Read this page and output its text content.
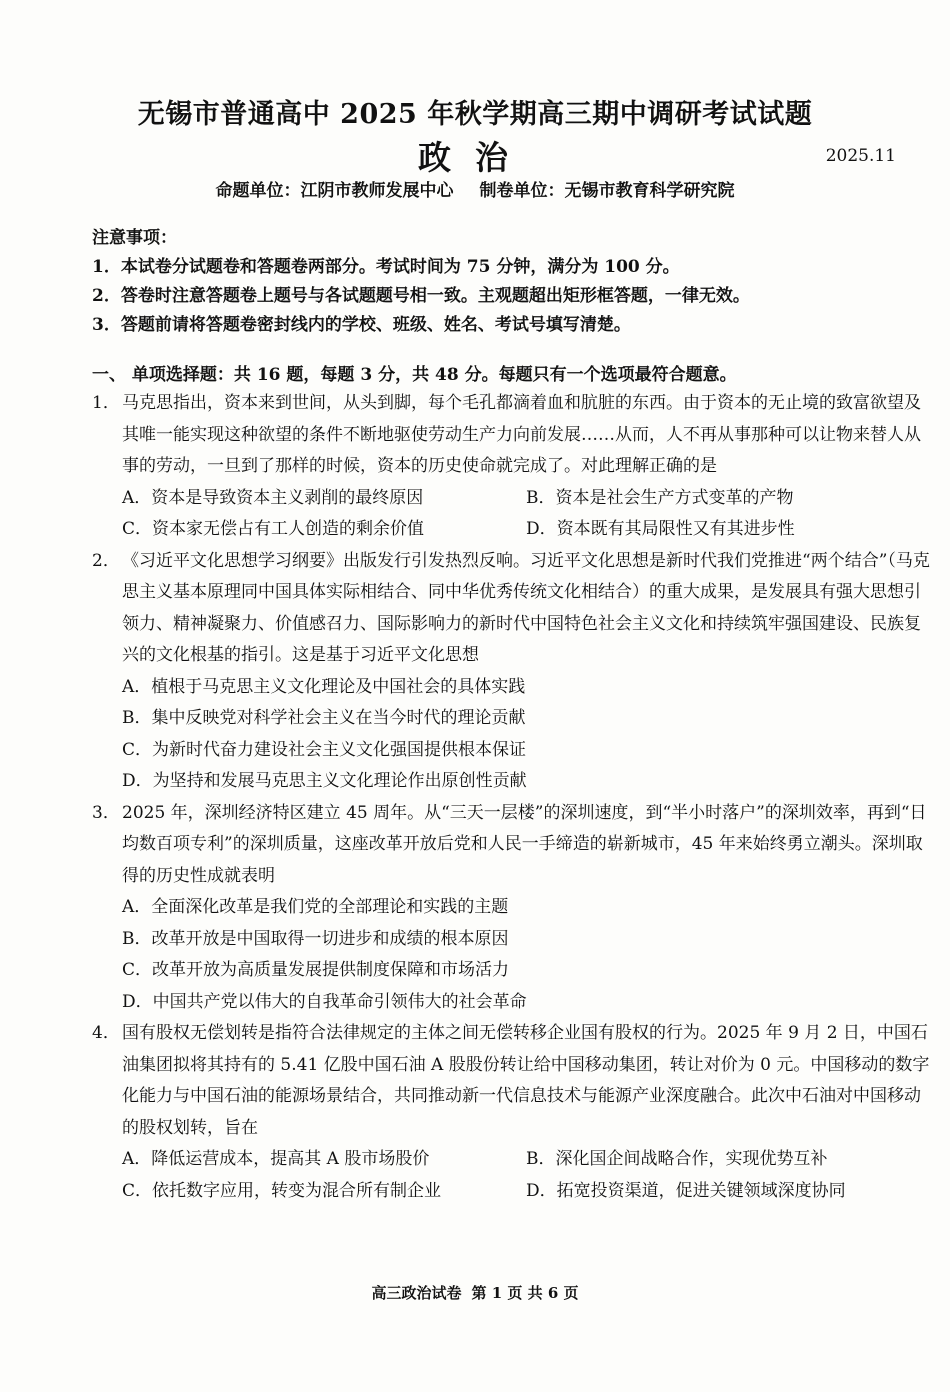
无锡市普通高中 2025 年秋学期高三期中调研考试试题
政治	2025.11
命题单位：江阴市教师发展中心 制卷单位：无锡市教育科学研究院
注意事项：
1．本试卷分试题卷和答题卷两部分。考试时间为 75 分钟，满分为 100 分。
2．答卷时注意答题卷上题号与各试题题号相一致。主观题超出矩形框答题，一律无效。
3．答题前请将答题卷密封线内的学校、班级、姓名、考试号填写清楚。
一、 单项选择题：共 16 题，每题 3 分，共 48 分。每题只有一个选项最符合题意。
1． 马克思指出，资本来到世间，从头到脚，每个毛孔都滴着血和肮脏的东西。由于资本的无止境的致富欲望及其唯一能实现这种欲望的条件不断地驱使劳动生产力向前发展……从而，人不再从事那种可以让物来替人从事的劳动，一旦到了那样的时候，资本的历史使命就完成了。对此理解正确的是
A．资本是导致资本主义剥削的最终原因	B．资本是社会生产方式变革的产物
C．资本家无偿占有工人创造的剩余价值	D．资本既有其局限性又有其进步性
2． 《习近平文化思想学习纲要》出版发行引发热烈反响。习近平文化思想是新时代我们党推进“两个结合”（马克思主义基本原理同中国具体实际相结合、同中华优秀传统文化相结合）的重大成果，是发展具有强大思想引领力、精神凝聚力、价值感召力、国际影响力的新时代中国特色社会主义文化和持续筑牢强国建设、民族复兴的文化根基的指引。这是基于习近平文化思想
A．植根于马克思主义文化理论及中国社会的具体实践
B．集中反映党对科学社会主义在当今时代的理论贡献
C．为新时代奋力建设社会主义文化强国提供根本保证
D．为坚持和发展马克思主义文化理论作出原创性贡献
3． 2025 年，深圳经济特区建立 45 周年。从“三天一层楼”的深圳速度，到“半小时落户”的深圳效率，再到“日均数百项专利”的深圳质量，这座改革开放后党和人民一手缔造的崭新城市，45 年来始终勇立潮头。深圳取得的历史性成就表明
A．全面深化改革是我们党的全部理论和实践的主题
B．改革开放是中国取得一切进步和成绩的根本原因
C．改革开放为高质量发展提供制度保障和市场活力
D．中国共产党以伟大的自我革命引领伟大的社会革命
4． 国有股权无偿划转是指符合法律规定的主体之间无偿转移企业国有股权的行为。2025 年 9 月 2 日，中国石油集团拟将其持有的 5.41 亿股中国石油 A 股股份转让给中国移动集团，转让对价为 0 元。中国移动的数字化能力与中国石油的能源场景结合，共同推动新一代信息技术与能源产业深度融合。此次中石油对中国移动的股权划转，旨在
A．降低运营成本，提高其 A 股市场股价	B．深化国企间战略合作，实现优势互补
C．依托数字应用，转变为混合所有制企业	D．拓宽投资渠道，促进关键领域深度协同
高三政治试卷 第 1 页 共 6 页
